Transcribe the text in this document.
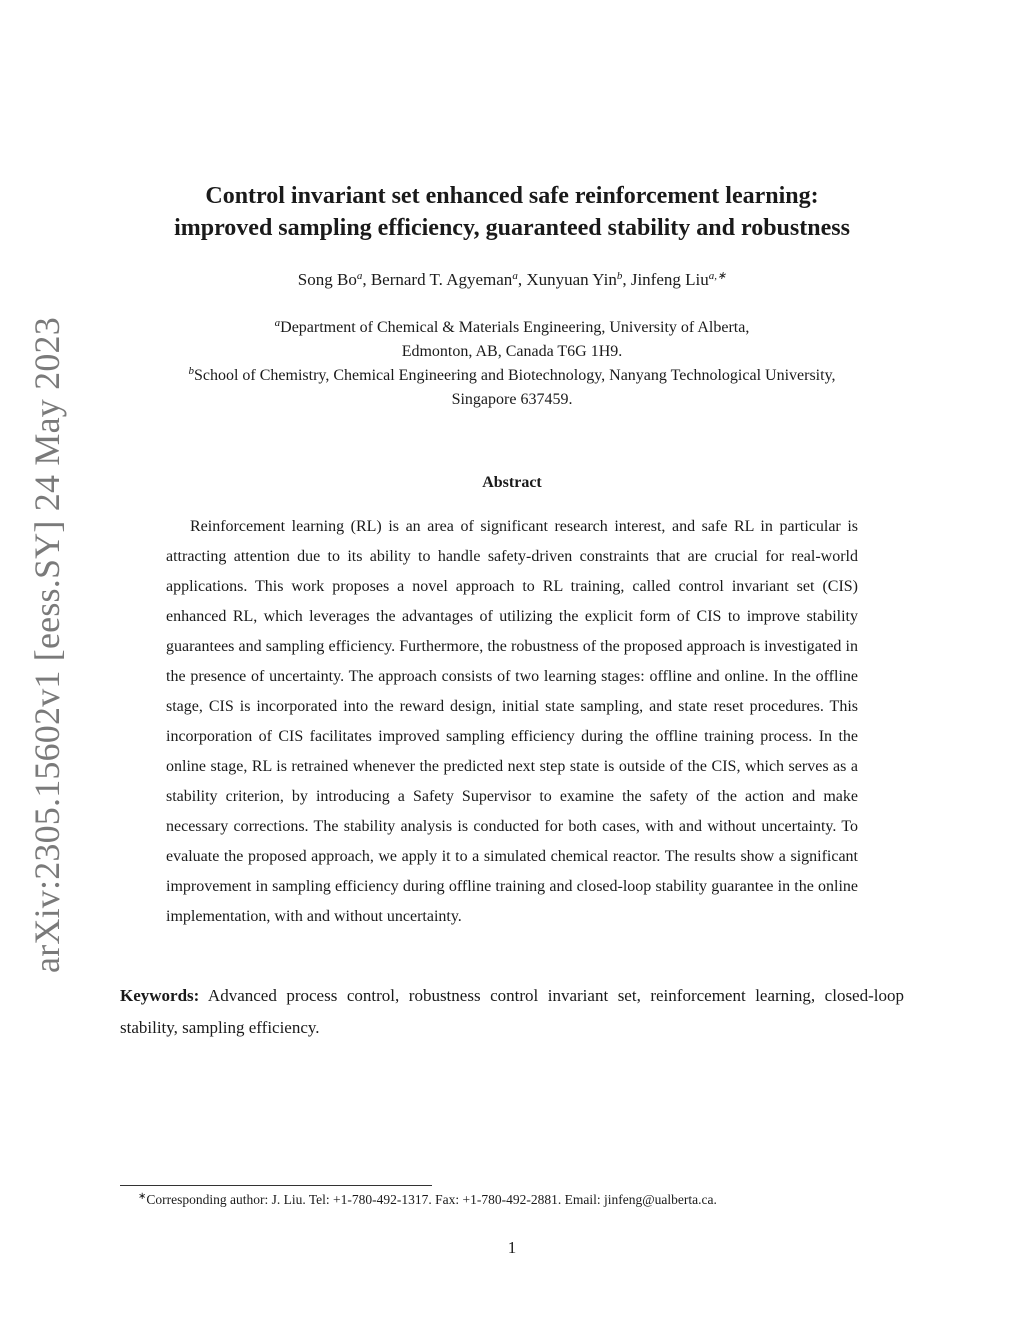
arXiv:2305.15602v1 [eess.SY] 24 May 2023
Control invariant set enhanced safe reinforcement learning:
improved sampling efficiency, guaranteed stability and robustness
Song Bo$^a$, Bernard T. Agyeman$^a$, Xunyuan Yin$^b$, Jinfeng Liu$^{a,∗}$
$^a$Department of Chemical & Materials Engineering, University of Alberta,
Edmonton, AB, Canada T6G 1H9.
$^b$School of Chemistry, Chemical Engineering and Biotechnology, Nanyang Technological University,
Singapore 637459.
Abstract

Reinforcement learning (RL) is an area of significant research interest, and safe RL in particular is attracting attention due to its ability to handle safety-driven constraints that are crucial for real-world applications. This work proposes a novel approach to RL training, called control invariant set (CIS) enhanced RL, which leverages the advantages of utilizing the explicit form of CIS to improve stability guarantees and sampling efficiency. Furthermore, the robustness of the proposed approach is investigated in the presence of uncertainty. The approach consists of two learning stages: offline and online. In the offline stage, CIS is incorporated into the reward design, initial state sampling, and state reset procedures. This incorporation of CIS facilitates improved sampling efficiency during the offline training process. In the online stage, RL is retrained whenever the predicted next step state is outside of the CIS, which serves as a stability criterion, by introducing a Safety Supervisor to examine the safety of the action and make necessary corrections. The stability analysis is conducted for both cases, with and without uncertainty. To evaluate the proposed approach, we apply it to a simulated chemical reactor. The results show a significant improvement in sampling efficiency during offline training and closed-loop stability guarantee in the online implementation, with and without uncertainty.

Keywords: Advanced process control, robustness control invariant set, reinforcement learning, closed-loop stability, sampling efficiency.

∗Corresponding author: J. Liu. Tel: +1-780-492-1317. Fax: +1-780-492-2881. Email: jinfeng@ualberta.ca.
1
